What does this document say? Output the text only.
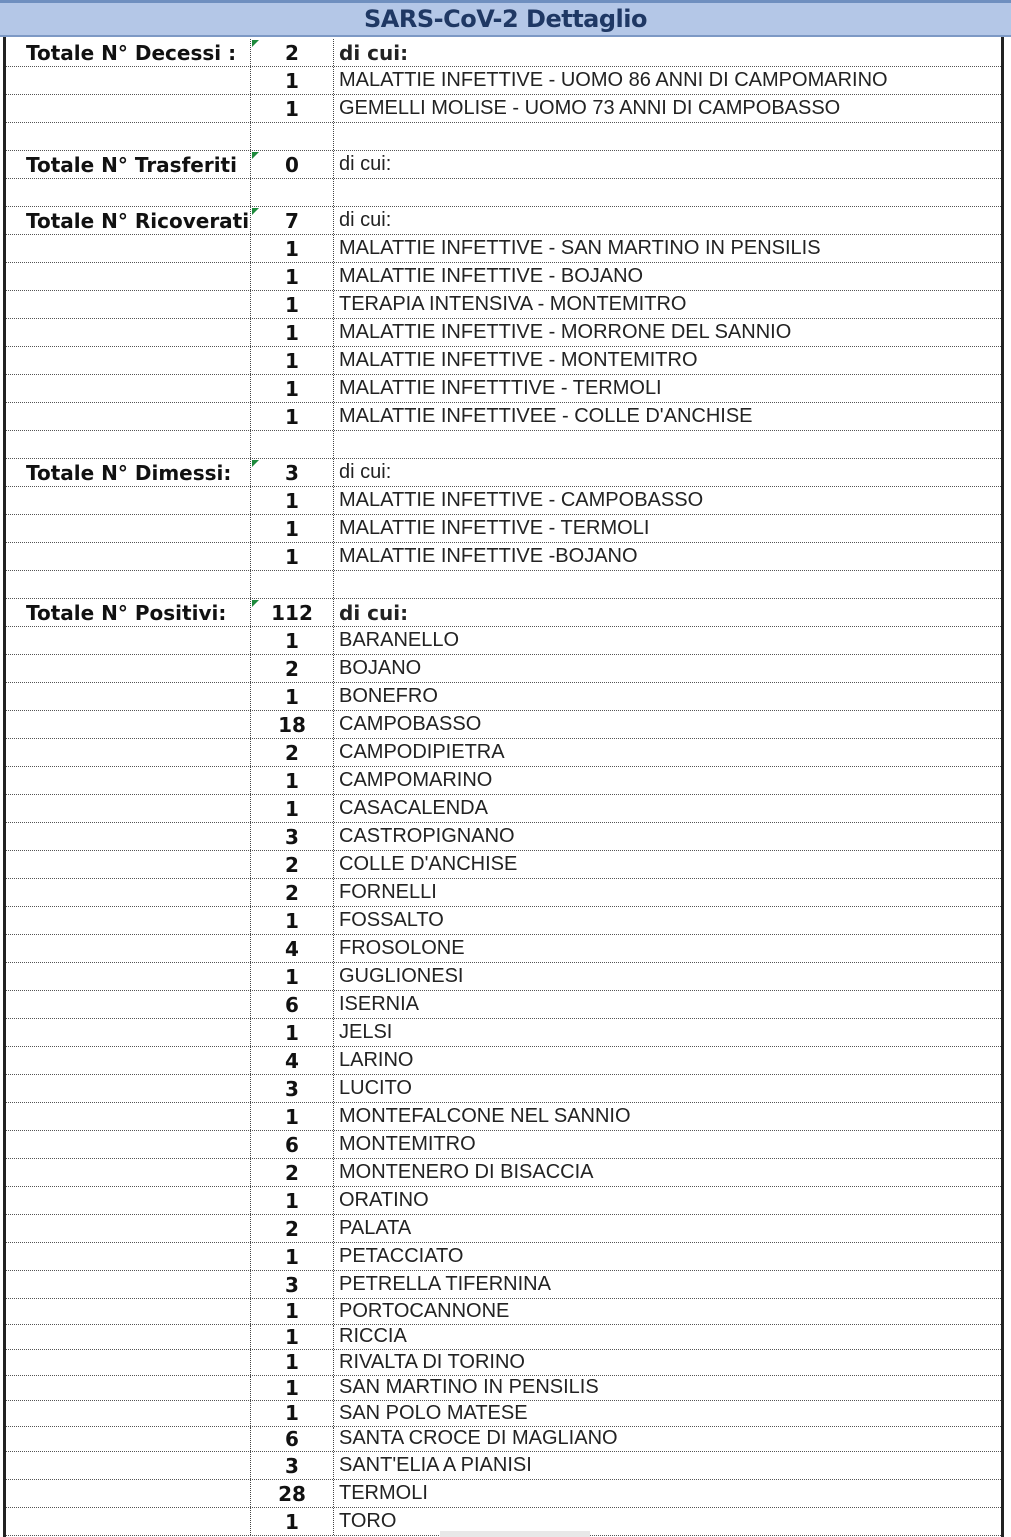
SARS-CoV-2 Dettaglio
Totale N° Decessi :	2	di cui:
1	MALATTIE INFETTIVE - UOMO 86 ANNI DI CAMPOMARINO
1	GEMELLI MOLISE - UOMO 73 ANNI DI CAMPOBASSO
Totale N° Trasferiti	0	di cui:
Totale N° Ricoverati	7	di cui:
1	MALATTIE INFETTIVE - SAN MARTINO IN PENSILIS
1	MALATTIE INFETTIVE - BOJANO
1	TERAPIA INTENSIVA - MONTEMITRO
1	MALATTIE INFETTIVE - MORRONE DEL SANNIO
1	MALATTIE INFETTIVE - MONTEMITRO
1	MALATTIE INFETTTIVE - TERMOLI
1	MALATTIE INFETTIVEE - COLLE D'ANCHISE
Totale N° Dimessi:	3	di cui:
1	MALATTIE INFETTIVE - CAMPOBASSO
1	MALATTIE INFETTIVE - TERMOLI
1	MALATTIE INFETTIVE -BOJANO
Totale N° Positivi:	112	di cui:
1	BARANELLO
2	BOJANO
1	BONEFRO
18	CAMPOBASSO
2	CAMPODIPIETRA
1	CAMPOMARINO
1	CASACALENDA
3	CASTROPIGNANO
2	COLLE D'ANCHISE
2	FORNELLI
1	FOSSALTO
4	FROSOLONE
1	GUGLIONESI
6	ISERNIA
1	JELSI
4	LARINO
3	LUCITO
1	MONTEFALCONE NEL SANNIO
6	MONTEMITRO
2	MONTENERO DI BISACCIA
1	ORATINO
2	PALATA
1	PETACCIATO
3	PETRELLA TIFERNINA
1	PORTOCANNONE
1	RICCIA
1	RIVALTA DI TORINO
1	SAN MARTINO IN PENSILIS
1	SAN POLO MATESE
6	SANTA CROCE DI MAGLIANO
3	SANT'ELIA A PIANISI
28	TERMOLI
1	TORO
